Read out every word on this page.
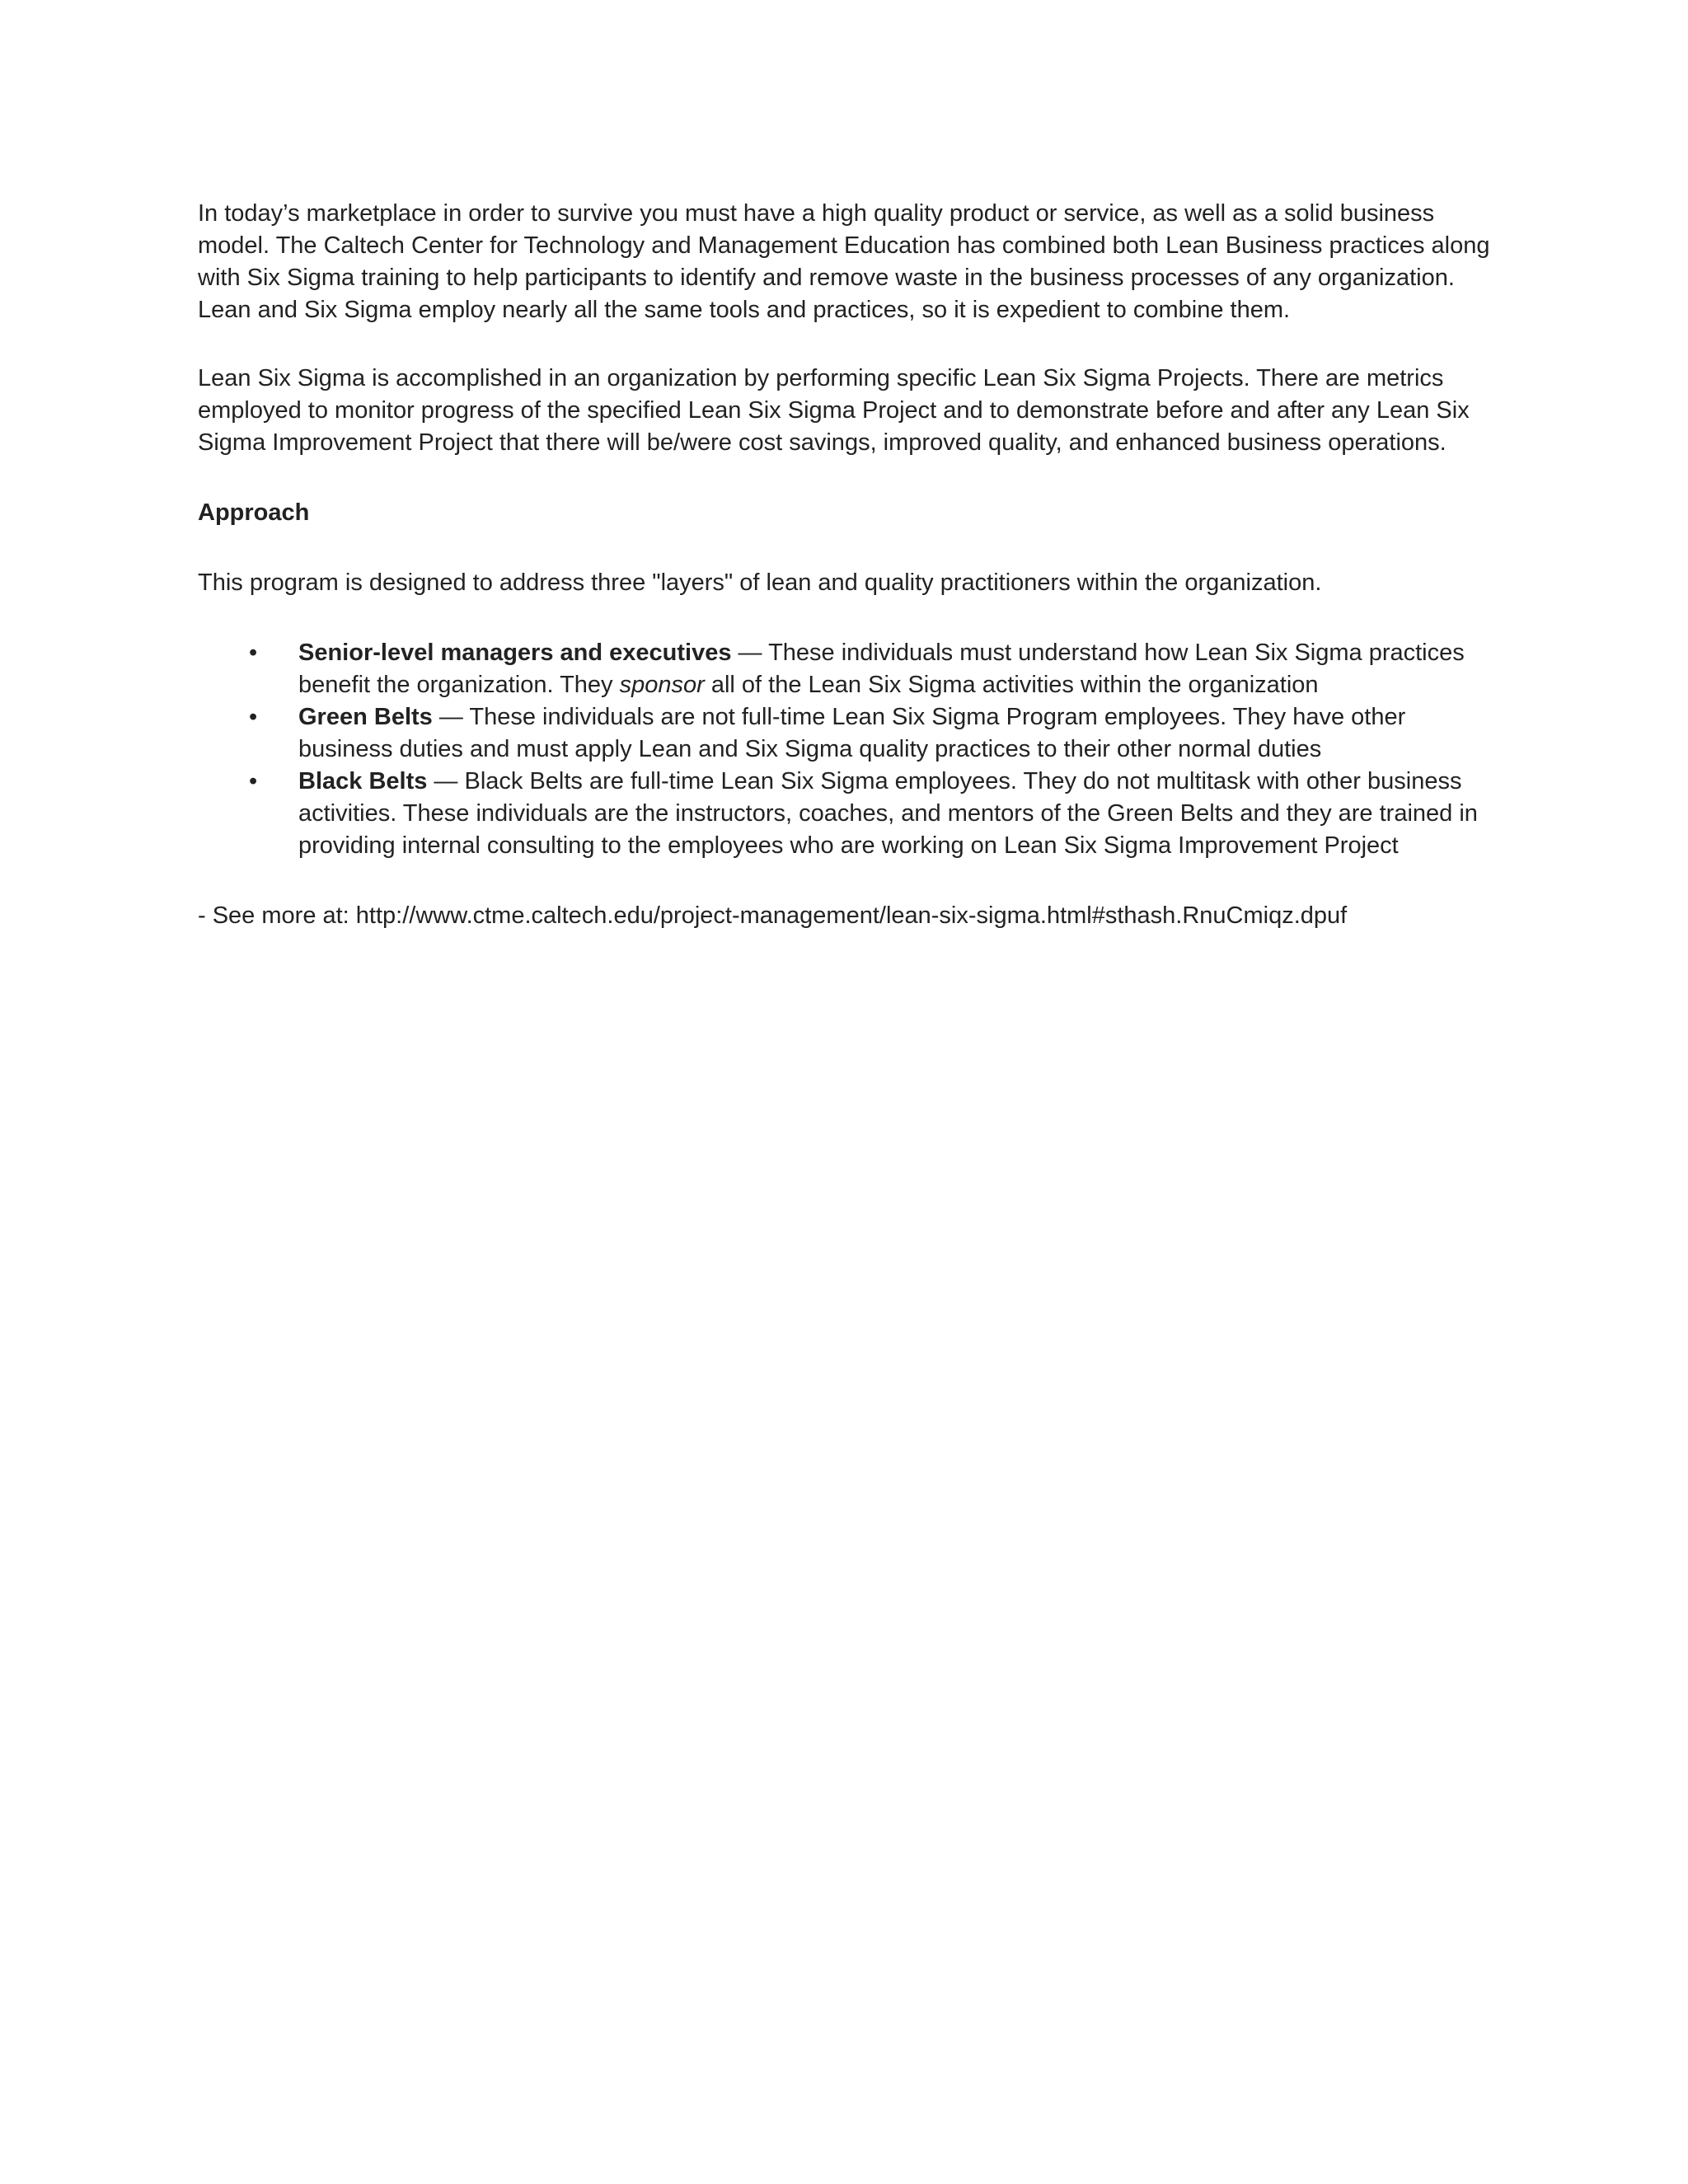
In today’s marketplace in order to survive you must have a high quality product or service, as well as a solid business model. The Caltech Center for Technology and Management Education has combined both Lean Business practices along with Six Sigma training to help participants to identify and remove waste in the business processes of any organization. Lean and Six Sigma employ nearly all the same tools and practices, so it is expedient to combine them.

Lean Six Sigma is accomplished in an organization by performing specific Lean Six Sigma Projects. There are metrics employed to monitor progress of the specified Lean Six Sigma Project and to demonstrate before and after any Lean Six Sigma Improvement Project that there will be/were cost savings, improved quality, and enhanced business operations.

Approach

This program is designed to address three "layers" of lean and quality practitioners within the organization.

• Senior-level managers and executives — These individuals must understand how Lean Six Sigma practices benefit the organization. They sponsor all of the Lean Six Sigma activities within the organization
• Green Belts — These individuals are not full-time Lean Six Sigma Program employees. They have other business duties and must apply Lean and Six Sigma quality practices to their other normal duties
• Black Belts — Black Belts are full-time Lean Six Sigma employees. They do not multitask with other business activities. These individuals are the instructors, coaches, and mentors of the Green Belts and they are trained in providing internal consulting to the employees who are working on Lean Six Sigma Improvement Project

- See more at: http://www.ctme.caltech.edu/project-management/lean-six-sigma.html#sthash.RnuCmiqz.dpuf
